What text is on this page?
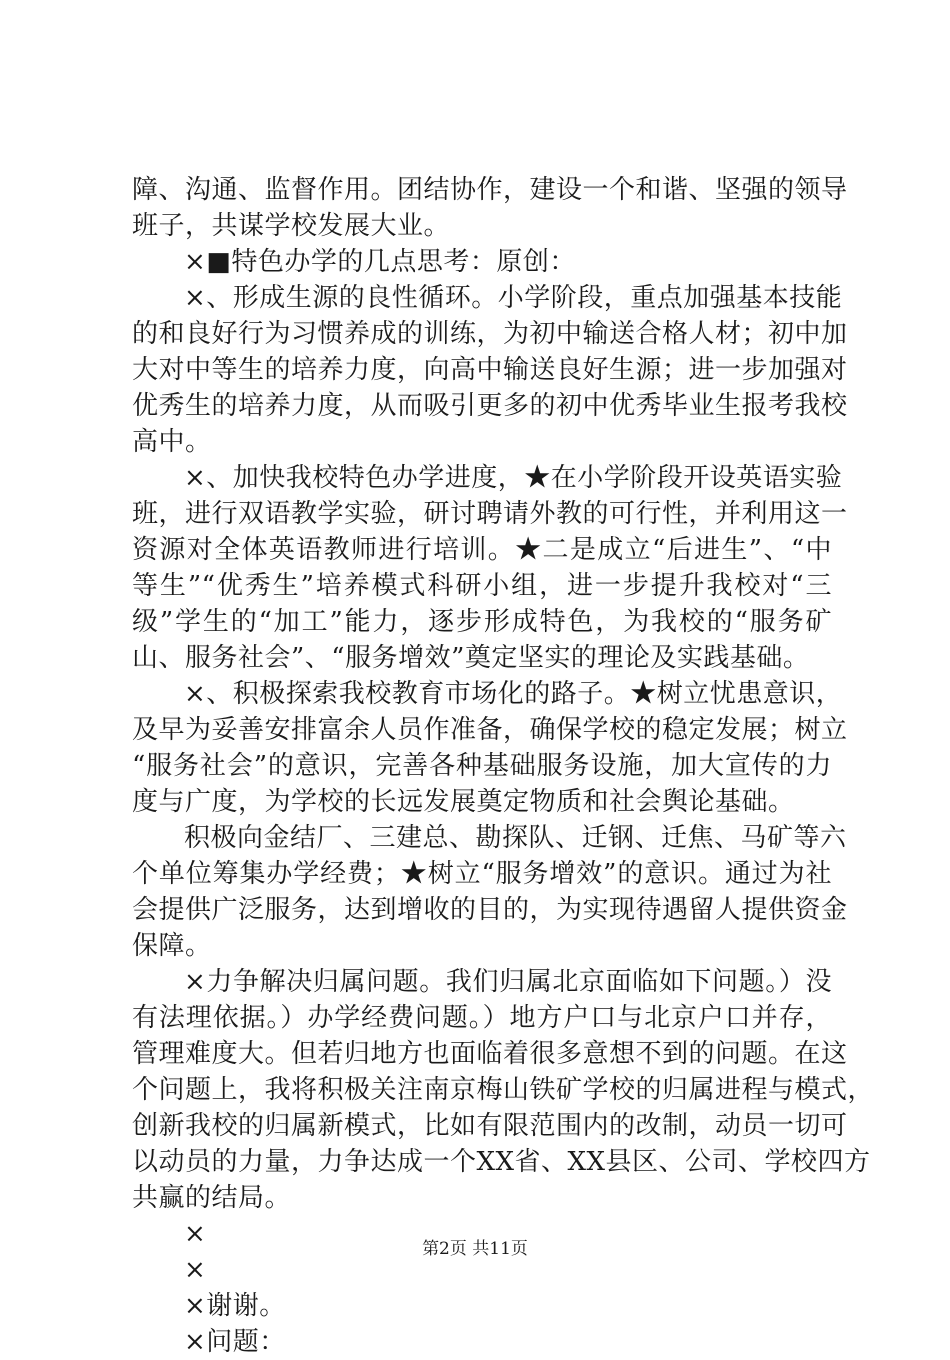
障、沟通、监督作用。团结协作，建设一个和谐、坚强的领导
班子，共谋学校发展大业。
×■特色办学的几点思考：原创：
×、形成生源的良性循环。小学阶段，重点加强基本技能
的和良好行为习惯养成的训练，为初中输送合格人材；初中加
大对中等生的培养力度，向高中输送良好生源；进一步加强对
优秀生的培养力度，从而吸引更多的初中优秀毕业生报考我校
高中。
×、加快我校特色办学进度，★在小学阶段开设英语实验
班，进行双语教学实验，研讨聘请外教的可行性，并利用这一
资源对全体英语教师进行培训。★二是成立“后进生”、“中
等生”“优秀生”培养模式科研小组，进一步提升我校对“三
级”学生的“加工”能力，逐步形成特色，为我校的“服务矿
山、服务社会”、“服务增效”奠定坚实的理论及实践基础。
×、积极探索我校教育市场化的路子。★树立忧患意识，
及早为妥善安排富余人员作准备，确保学校的稳定发展；树立
“服务社会”的意识，完善各种基础服务设施，加大宣传的力
度与广度，为学校的长远发展奠定物质和社会舆论基础。
积极向金结厂、三建总、勘探队、迁钢、迁焦、马矿等六
个单位筹集办学经费；★树立“服务增效”的意识。通过为社
会提供广泛服务，达到增收的目的，为实现待遇留人提供资金
保障。
×力争解决归属问题。我们归属北京面临如下问题。）没
有法理依据。）办学经费问题。）地方户口与北京户口并存，
管理难度大。但若归地方也面临着很多意想不到的问题。在这
个问题上，我将积极关注南京梅山铁矿学校的归属进程与模式，
创新我校的归属新模式，比如有限范围内的改制，动员一切可
以动员的力量，力争达成一个XX省、XX县区、公司、学校四方
共赢的结局。
×
×
×谢谢。
×问题：
第2页 共11页
